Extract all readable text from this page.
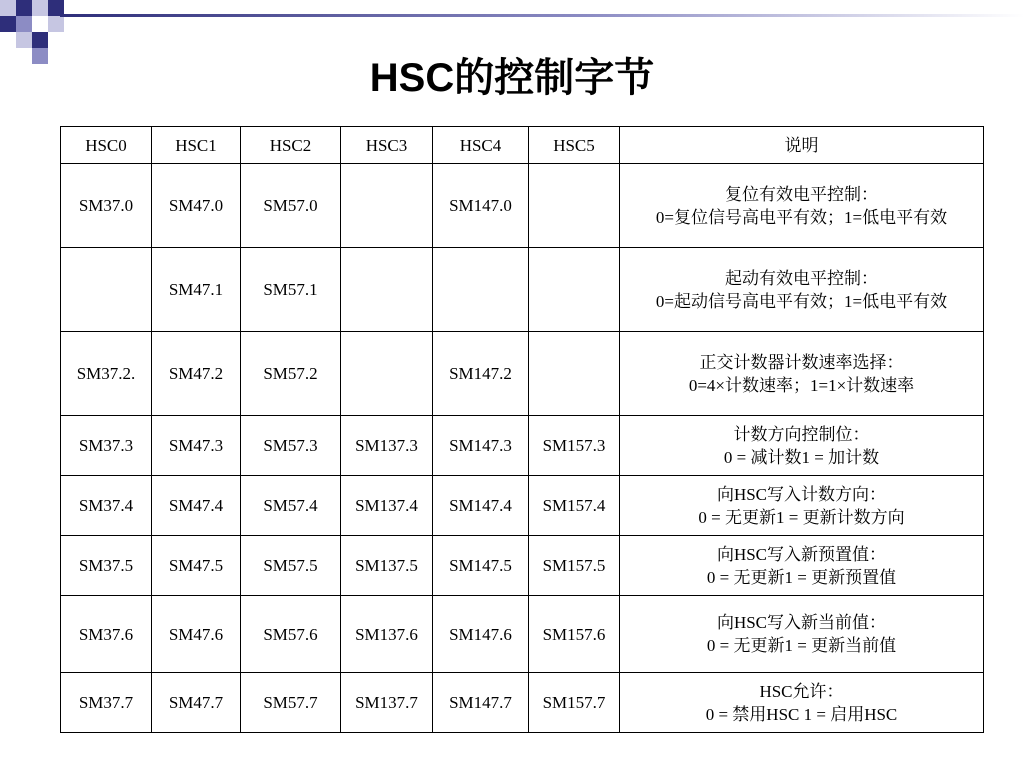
HSC的控制字节
HSC0	HSC1	HSC2	HSC3	HSC4	HSC5	说明
SM37.0	SM47.0	SM57.0		SM147.0		复位有效电平控制：
0=复位信号高电平有效；1=低电平有效

	SM47.1	SM57.1				起动有效电平控制：
0=起动信号高电平有效；1=低电平有效

SM37.2.	SM47.2	SM57.2		SM147.2		正交计数器计数速率选择：
0=4×计数速率；1=1×计数速率

SM37.3	SM47.3	SM57.3	SM137.3	SM147.3	SM157.3	计数方向控制位：
0 = 减计数1 = 加计数

SM37.4	SM47.4	SM57.4	SM137.4	SM147.4	SM157.4	向HSC写入计数方向：
0 = 无更新1 = 更新计数方向

SM37.5	SM47.5	SM57.5	SM137.5	SM147.5	SM157.5	向HSC写入新预置值：
0 = 无更新1 = 更新预置值

SM37.6	SM47.6	SM57.6	SM137.6	SM147.6	SM157.6	向HSC写入新当前值：
0 = 无更新1 = 更新当前值

SM37.7	SM47.7	SM57.7	SM137.7	SM147.7	SM157.7	HSC允许：
0 = 禁用HSC 1 = 启用HSC
